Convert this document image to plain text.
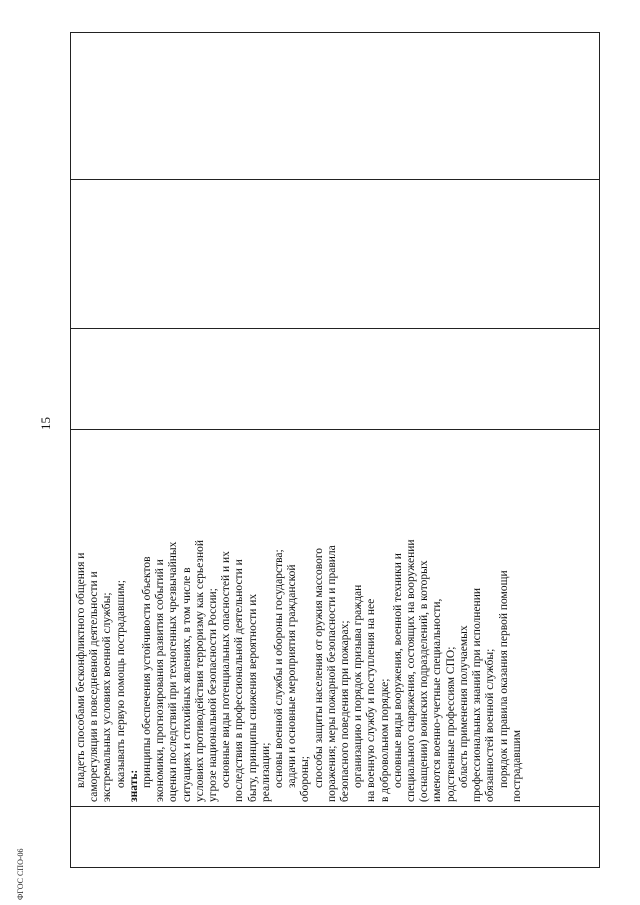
15

владеть способами бесконфликтного общения и саморегуляции в повседневной деятельности и экстремальных условиях военной службы; оказывать первую помощь пострадавшим; знать: принципы обеспечения устойчивости объектов экономики, прогнозирования развития событий и оценки последствий при техногенных чрезвычайных ситуациях и стихийных явлениях, в том числе в условиях противодействия терроризму как серьезной угрозе национальной безопасности России; основные виды потенциальных опасностей и их последствия в профессиональной деятельности и быту, принципы снижения вероятности их реализации; основы военной службы и обороны государства; задачи и основные мероприятия гражданской обороны; способы защиты населения от оружия массового поражения; меры пожарной безопасности и правила безопасного поведения при пожарах; организацию и порядок призыва граждан на военную службу и поступления на нее в добровольном порядке; основные виды вооружения, военной техники и специального снаряжения, состоящих на вооружении (оснащении) воинских подразделений, в которых имеются военно-учетные специальности, родственные профессиям СПО; область применения получаемых профессиональных знаний при исполнении обязанностей военной службы; порядок и правила оказания первой помощи пострадавшим

ФГОС СПО-06
